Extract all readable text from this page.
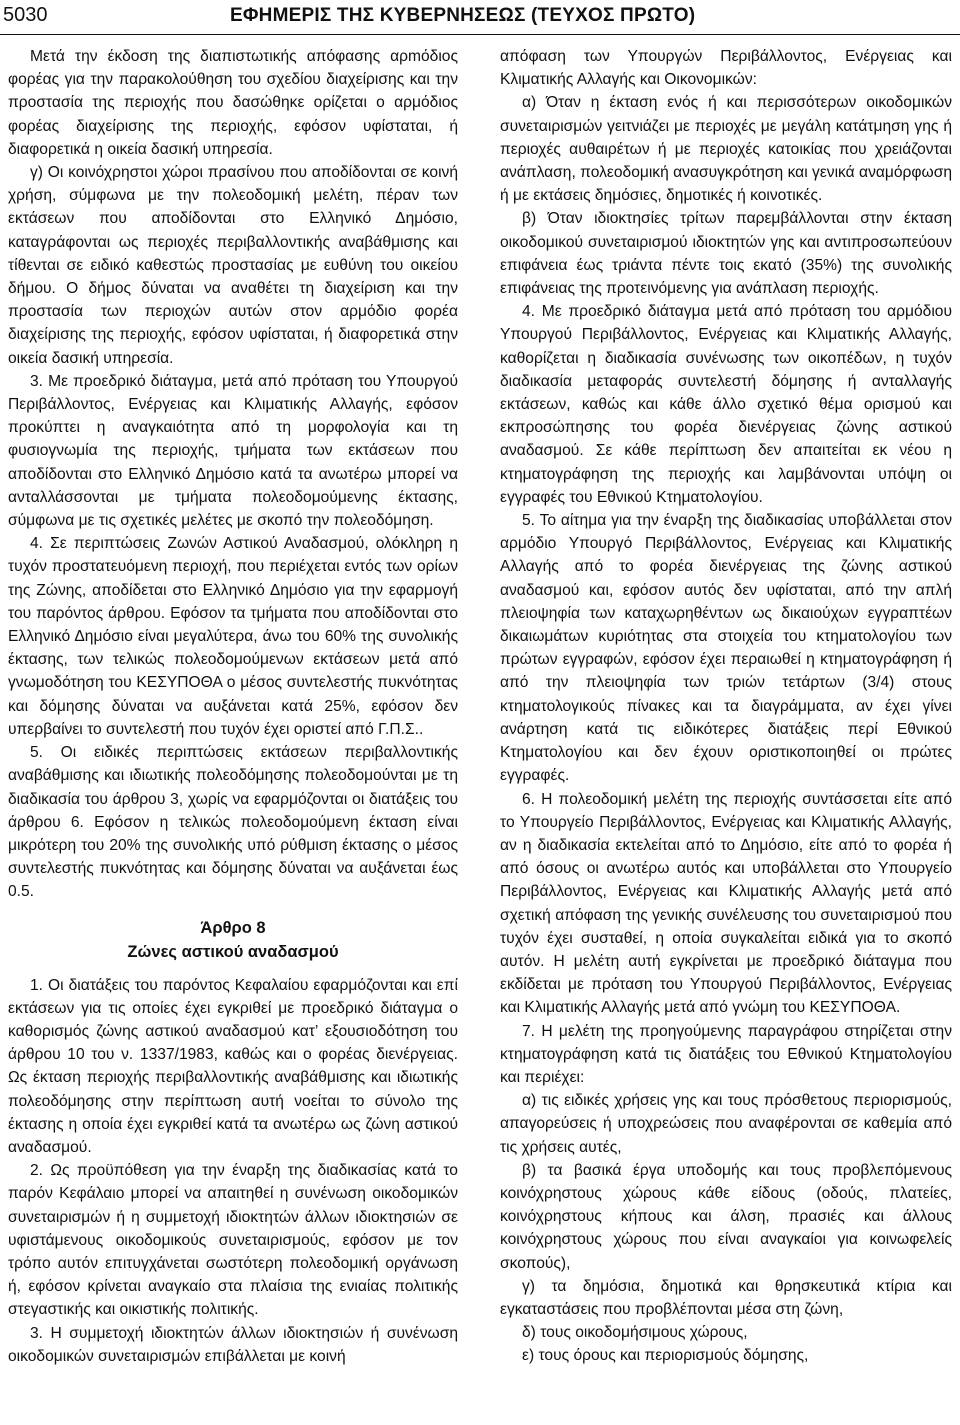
5030	ΕΦΗΜΕΡΙΣ ΤΗΣ ΚΥΒΕΡΝΗΣΕΩΣ (ΤΕΥΧΟΣ ΠΡΩΤΟ)

Μετά την έκδοση της διαπιστωτικής απόφασης αρmόδιος φορέας για την παρακολούθηση του σχεδίου διαχείρισης και την προστασία της περιοχής που δασώθηκε ορίζεται ο αρμόδιος φορέας διαχείρισης της περιοχής, εφόσον υφίσταται, ή διαφορετικά η οικεία δασική υπηρεσία.

γ) Οι κοινόχρηστοι χώροι πρασίνου που αποδίδονται σε κοινή χρήση, σύμφωνα με την πολεοδομική μελέτη, πέραν των εκτάσεων που αποδίδονται στο Ελληνικό Δημόσιο, καταγράφονται ως περιοχές περιβαλλοντικής αναβάθμισης και τίθενται σε ειδικό καθεστώς προστασίας με ευθύνη του οικείου δήμου. Ο δήμος δύναται να αναθέτει τη διαχείριση και την προστασία των περιοχών αυτών στον αρμόδιο φορέα διαχείρισης της περιοχής, εφόσον υφίσταται, ή διαφορετικά στην οικεία δασική υπηρεσία.

3. Με προεδρικό διάταγμα, μετά από πρόταση του Υπουργού Περιβάλλοντος, Ενέργειας και Κλιματικής Αλλαγής, εφόσον προκύπτει η αναγκαιότητα από τη μορφολογία και τη φυσιογνωμία της περιοχής, τμήματα των εκτάσεων που αποδίδονται στο Ελληνικό Δημόσιο κατά τα ανωτέρω μπορεί να ανταλλάσσονται με τμήματα πολεοδομούμενης έκτασης, σύμφωνα με τις σχετικές μελέτες με σκοπό την πολεοδόμηση.

4. Σε περιπτώσεις Ζωνών Αστικού Αναδασμού, ολόκληρη η τυχόν προστατευόμενη περιοχή, που περιέχεται εντός των ορίων της Ζώνης, αποδίδεται στο Ελληνικό Δημόσιο για την εφαρμογή του παρόντος άρθρου. Εφόσον τα τμήματα που αποδίδονται στο Ελληνικό Δημόσιο είναι μεγαλύτερα, άνω του 60% της συνολικής έκτασης, των τελικώς πολεοδομούμενων εκτάσεων μετά από γνωμοδότηση του ΚΕΣΥΠΟΘΑ ο μέσος συντελεστής πυκνότητας και δόμησης δύναται να αυξάνεται κατά 25%, εφόσον δεν υπερβαίνει το συντελεστή που τυχόν έχει οριστεί από Γ.Π.Σ..

5. Οι ειδικές περιπτώσεις εκτάσεων περιβαλλοντικής αναβάθμισης και ιδιωτικής πολεοδόμησης πολεοδομούνται με τη διαδικασία του άρθρου 3, χωρίς να εφαρμόζονται οι διατάξεις του άρθρου 6. Εφόσον η τελικώς πολεοδομούμενη έκταση είναι μικρότερη του 20% της συνολικής υπό ρύθμιση έκτασης ο μέσος συντελεστής πυκνότητας και δόμησης δύναται να αυξάνεται έως 0.5.

Άρθρο 8
Ζώνες αστικού αναδασμού

1. Οι διατάξεις του παρόντος Κεφαλαίου εφαρμόζονται και επί εκτάσεων για τις οποίες έχει εγκριθεί με προεδρικό διάταγμα ο καθορισμός ζώνης αστικού αναδασμού κατ’ εξουσιοδότηση του άρθρου 10 του ν. 1337/1983, καθώς και ο φορέας διενέργειας. Ως έκταση περιοχής περιβαλλοντικής αναβάθμισης και ιδιωτικής πολεοδόμησης στην περίπτωση αυτή νοείται το σύνολο της έκτασης η οποία έχει εγκριθεί κατά τα ανωτέρω ως ζώνη αστικού αναδασμού.

2. Ως προϋπόθεση για την έναρξη της διαδικασίας κατά το παρόν Κεφάλαιο μπορεί να απαιτηθεί η συνένωση οικοδομικών συνεταιρισμών ή η συμμετοχή ιδιοκτητών άλλων ιδιοκτησιών σε υφιστάμενους οικοδομικούς συνεταιρισμούς, εφόσον με τον τρόπο αυτόν επιτυγχάνεται σωστότερη πολεοδομική οργάνωση ή, εφόσον κρίνεται αναγκαίο στα πλαίσια της ενιαίας πολιτικής στεγαστικής και οικιστικής πολιτικής.

3. Η συμμετοχή ιδιοκτητών άλλων ιδιοκτησιών ή συνένωση οικοδομικών συνεταιρισμών επιβάλλεται με κοινή

απόφαση των Υπουργών Περιβάλλοντος, Ενέργειας και Κλιματικής Αλλαγής και Οικονομικών:

α) Όταν η έκταση ενός ή και περισσότερων οικοδομικών συνεταιρισμών γειτνιάζει με περιοχές με μεγάλη κατάτμηση γης ή περιοχές αυθαιρέτων ή με περιοχές κατοικίας που χρειάζονται ανάπλαση, πολεοδομική ανασυγκρότηση και γενικά αναμόρφωση ή με εκτάσεις δημόσιες, δημοτικές ή κοινοτικές.

β) Όταν ιδιοκτησίες τρίτων παρεμβάλλονται στην έκταση οικοδομικού συνεταιρισμού ιδιοκτητών γης και αντιπροσωπεύουν επιφάνεια έως τριάντα πέντε τοις εκατό (35%) της συνολικής επιφάνειας της προτεινόμενης για ανάπλαση περιοχής.

4. Με προεδρικό διάταγμα μετά από πρόταση του αρμόδιου Υπουργού Περιβάλλοντος, Ενέργειας και Κλιματικής Αλλαγής, καθορίζεται η διαδικασία συνένωσης των οικοπέδων, η τυχόν διαδικασία μεταφοράς συντελεστή δόμησης ή ανταλλαγής εκτάσεων, καθώς και κάθε άλλο σχετικό θέμα ορισμού και εκπροσώπησης του φορέα διενέργειας ζώνης αστικού αναδασμού. Σε κάθε περίπτωση δεν απαιτείται εκ νέου η κτηματογράφηση της περιοχής και λαμβάνονται υπόψη οι εγγραφές του Εθνικού Κτηματολογίου.

5. Το αίτημα για την έναρξη της διαδικασίας υποβάλλεται στον αρμόδιο Υπουργό Περιβάλλοντος, Ενέργειας και Κλιματικής Αλλαγής από το φορέα διενέργειας της ζώνης αστικού αναδασμού και, εφόσον αυτός δεν υφίσταται, από την απλή πλειοψηφία των καταχωρηθέντων ως δικαιούχων εγγραπτέων δικαιωμάτων κυριότητας στα στοιχεία του κτηματολογίου των πρώτων εγγραφών, εφόσον έχει περαιωθεί η κτηματογράφηση ή από την πλειοψηφία των τριών τετάρτων (3/4) στους κτηματολογικούς πίνακες και τα διαγράμματα, αν έχει γίνει ανάρτηση κατά τις ειδικότερες διατάξεις περί Εθνικού Κτηματολογίου και δεν έχουν οριστικοποιηθεί οι πρώτες εγγραφές.

6. Η πολεοδομική μελέτη της περιοχής συντάσσεται είτε από το Υπουργείο Περιβάλλοντος, Ενέργειας και Κλιματικής Αλλαγής, αν η διαδικασία εκτελείται από το Δημόσιο, είτε από το φορέα ή από όσους οι ανωτέρω αυτός και υποβάλλεται στο Υπουργείο Περιβάλλοντος, Ενέργειας και Κλιματικής Αλλαγής μετά από σχετική απόφαση της γενικής συνέλευσης του συνεταιρισμού που τυχόν έχει συσταθεί, η οποία συγκαλείται ειδικά για το σκοπό αυτόν. Η μελέτη αυτή εγκρίνεται με προεδρικό διάταγμα που εκδίδεται με πρόταση του Υπουργού Περιβάλλοντος, Ενέργειας και Κλιματικής Αλλαγής μετά από γνώμη του ΚΕΣΥΠΟΘΑ.

7. Η μελέτη της προηγούμενης παραγράφου στηρίζεται στην κτηματογράφηση κατά τις διατάξεις του Εθνικού Κτηματολογίου και περιέχει:

α) τις ειδικές χρήσεις γης και τους πρόσθετους περιορισμούς, απαγορεύσεις ή υποχρεώσεις που αναφέρονται σε καθεμία από τις χρήσεις αυτές,

β) τα βασικά έργα υποδομής και τους προβλεπόμενους κοινόχρηστους χώρους κάθε είδους (οδούς, πλατείες, κοινόχρηστους κήπους και άλση, πρασιές και άλλους κοινόχρηστους χώρους που είναι αναγκαίοι για κοινωφελείς σκοπούς),

γ) τα δημόσια, δημοτικά και θρησκευτικά κτίρια και εγκαταστάσεις που προβλέπονται μέσα στη ζώνη,

δ) τους οικοδομήσιμους χώρους,

ε) τους όρους και περιορισμούς δόμησης,
